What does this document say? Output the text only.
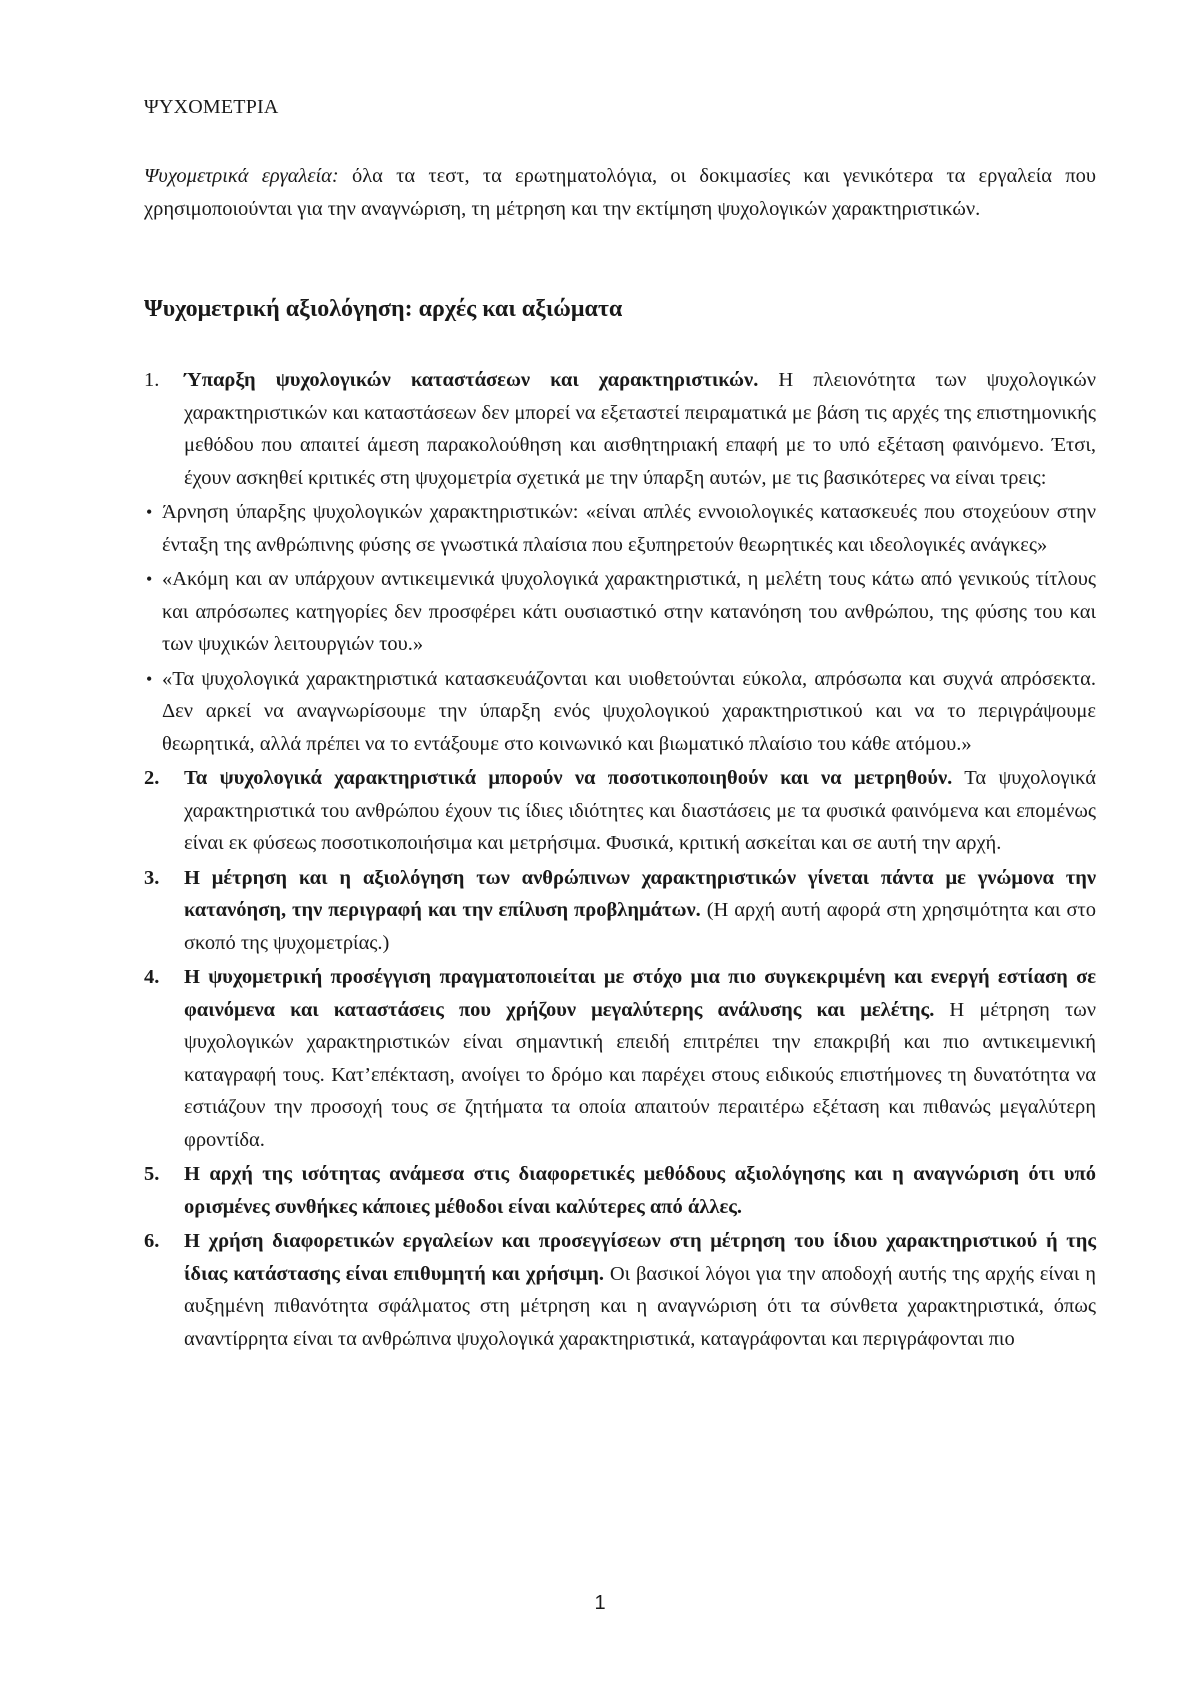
ΨΥΧΟΜΕΤΡΙΑ

Ψυχομετρικά εργαλεία: όλα τα τεστ, τα ερωτηματολόγια, οι δοκιμασίες και γενικότερα τα εργαλεία που χρησιμοποιούνται για την αναγνώριση, τη μέτρηση και την εκτίμηση ψυχολογικών χαρακτηριστικών.

Ψυχομετρική αξιολόγηση: αρχές και αξιώματα
1. Ύπαρξη ψυχολογικών καταστάσεων και χαρακτηριστικών. Η πλειονότητα των ψυχολογικών χαρακτηριστικών και καταστάσεων δεν μπορεί να εξεταστεί πειραματικά με βάση τις αρχές της επιστημονικής μεθόδου που απαιτεί άμεση παρακολούθηση και αισθητηριακή επαφή με το υπό εξέταση φαινόμενο. Έτσι, έχουν ασκηθεί κριτικές στη ψυχομετρία σχετικά με την ύπαρξη αυτών, με τις βασικότερες να είναι τρεις:
• Άρνηση ύπαρξης ψυχολογικών χαρακτηριστικών: «είναι απλές εννοιολογικές κατασκευές που στοχεύουν στην ένταξη της ανθρώπινης φύσης σε γνωστικά πλαίσια που εξυπηρετούν θεωρητικές και ιδεολογικές ανάγκες»
• «Ακόμη και αν υπάρχουν αντικειμενικά ψυχολογικά χαρακτηριστικά, η μελέτη τους κάτω από γενικούς τίτλους και απρόσωπες κατηγορίες δεν προσφέρει κάτι ουσιαστικό στην κατανόηση του ανθρώπου, της φύσης του και των ψυχικών λειτουργιών του.»
• «Τα ψυχολογικά χαρακτηριστικά κατασκευάζονται και υιοθετούνται εύκολα, απρόσωπα και συχνά απρόσεκτα. Δεν αρκεί να αναγνωρίσουμε την ύπαρξη ενός ψυχολογικού χαρακτηριστικού και να το περιγράψουμε θεωρητικά, αλλά πρέπει να το εντάξουμε στο κοινωνικό και βιωματικό πλαίσιο του κάθε ατόμου.»
2. Τα ψυχολογικά χαρακτηριστικά μπορούν να ποσοτικοποιηθούν και να μετρηθούν. Τα ψυχολογικά χαρακτηριστικά του ανθρώπου έχουν τις ίδιες ιδιότητες και διαστάσεις με τα φυσικά φαινόμενα και επομένως είναι εκ φύσεως ποσοτικοποιήσιμα και μετρήσιμα. Φυσικά, κριτική ασκείται και σε αυτή την αρχή.
3. Η μέτρηση και η αξιολόγηση των ανθρώπινων χαρακτηριστικών γίνεται πάντα με γνώμονα την κατανόηση, την περιγραφή και την επίλυση προβλημάτων. (Η αρχή αυτή αφορά στη χρησιμότητα και στο σκοπό της ψυχομετρίας.)
4. Η ψυχομετρική προσέγγιση πραγματοποιείται με στόχο μια πιο συγκεκριμένη και ενεργή εστίαση σε φαινόμενα και καταστάσεις που χρήζουν μεγαλύτερης ανάλυσης και μελέτης. Η μέτρηση των ψυχολογικών χαρακτηριστικών είναι σημαντική επειδή επιτρέπει την επακριβή και πιο αντικειμενική καταγραφή τους. Κατ’επέκταση, ανοίγει το δρόμο και παρέχει στους ειδικούς επιστήμονες τη δυνατότητα να εστιάζουν την προσοχή τους σε ζητήματα τα οποία απαιτούν περαιτέρω εξέταση και πιθανώς μεγαλύτερη φροντίδα.
5. Η αρχή της ισότητας ανάμεσα στις διαφορετικές μεθόδους αξιολόγησης και η αναγνώριση ότι υπό ορισμένες συνθήκες κάποιες μέθοδοι είναι καλύτερες από άλλες.
6. Η χρήση διαφορετικών εργαλείων και προσεγγίσεων στη μέτρηση του ίδιου χαρακτηριστικού ή της ίδιας κατάστασης είναι επιθυμητή και χρήσιμη. Οι βασικοί λόγοι για την αποδοχή αυτής της αρχής είναι η αυξημένη πιθανότητα σφάλματος στη μέτρηση και η αναγνώριση ότι τα σύνθετα χαρακτηριστικά, όπως αναντίρρητα είναι τα ανθρώπινα ψυχολογικά χαρακτηριστικά, καταγράφονται και περιγράφονται πιο
1
